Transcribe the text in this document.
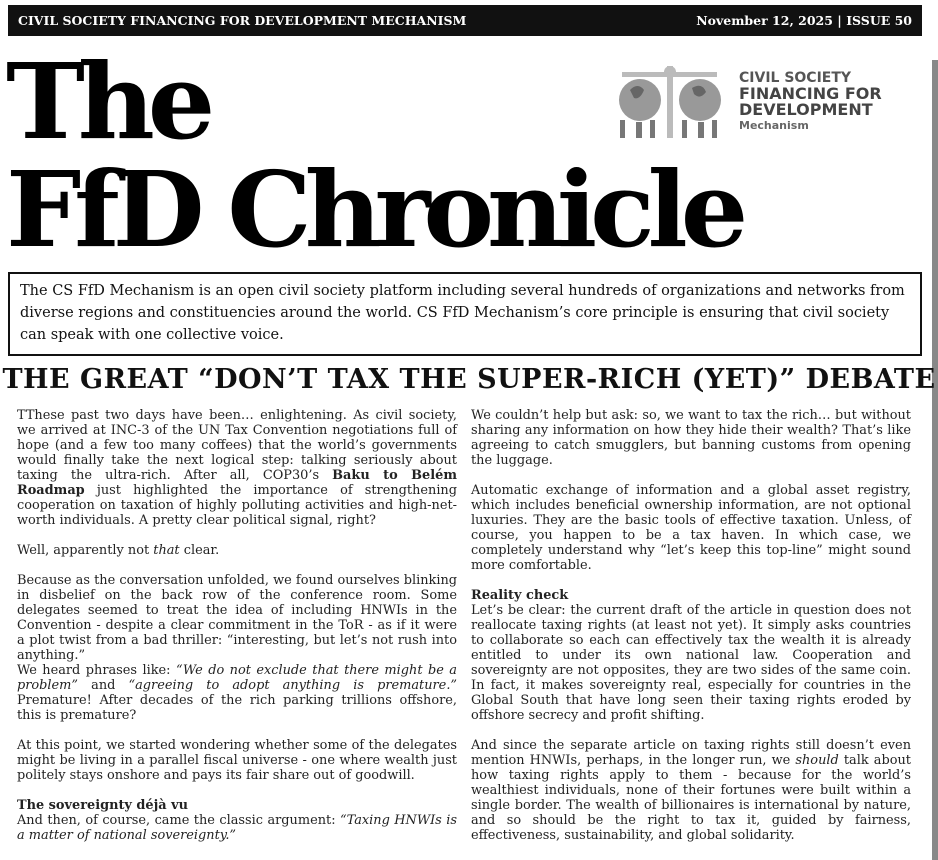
CIVIL SOCIETY FINANCING FOR DEVELOPMENT MECHANISM	November 12, 2025 | ISSUE 50
The
FfD Chronicle
CIVIL SOCIETY
FINANCING FOR
DEVELOPMENT
Mechanism
The CS FfD Mechanism is an open civil society platform including several hundreds of organizations and networks from diverse regions and constituencies around the world. CS FfD Mechanism’s core principle is ensuring that civil society can speak with one collective voice.
THE GREAT “DON’T TAX THE SUPER-RICH (YET)” DEBATE

TThese past two days have been… enlightening. As civil society, we arrived at INC-3 of the UN Tax Convention negotiations full of hope (and a few too many coffees) that the world’s governments would finally take the next logical step: talking seriously about taxing the ultra-rich. After all, COP30’s Baku to Belém Roadmap just highlighted the importance of strengthening cooperation on taxation of highly polluting activities and high-net-worth individuals. A pretty clear political signal, right?

Well, apparently not that clear.

Because as the conversation unfolded, we found ourselves blinking in disbelief on the back row of the conference room. Some delegates seemed to treat the idea of including HNWIs in the Convention - despite a clear commitment in the ToR - as if it were a plot twist from a bad thriller: “interesting, but let’s not rush into anything.”

We heard phrases like: “We do not exclude that there might be a problem” and “agreeing to adopt anything is premature.” Premature! After decades of the rich parking trillions offshore, this is premature?

At this point, we started wondering whether some of the delegates might be living in a parallel fiscal universe - one where wealth just politely stays onshore and pays its fair share out of goodwill.

The sovereignty déjà vu

And then, of course, came the classic argument: “Taxing HNWIs is a matter of national sovereignty.”

We couldn’t help but ask: so, we want to tax the rich… but without sharing any information on how they hide their wealth? That’s like agreeing to catch smugglers, but banning customs from opening the luggage.

Automatic exchange of information and a global asset registry, which includes beneficial ownership information, are not optional luxuries. They are the basic tools of effective taxation. Unless, of course, you happen to be a tax haven. In which case, we completely understand why “let’s keep this top-line” might sound more comfortable.

Reality check

Let’s be clear: the current draft of the article in question does not reallocate taxing rights (at least not yet). It simply asks countries to collaborate so each can effectively tax the wealth it is already entitled to under its own national law. Cooperation and sovereignty are not opposites, they are two sides of the same coin. In fact, it makes sovereignty real, especially for countries in the Global South that have long seen their taxing rights eroded by offshore secrecy and profit shifting.

And since the separate article on taxing rights still doesn’t even mention HNWIs, perhaps, in the longer run, we should talk about how taxing rights apply to them - because for the world’s wealthiest individuals, none of their fortunes were built within a single border. The wealth of billionaires is international by nature, and so should be the right to tax it, guided by fairness, effectiveness, sustainability, and global solidarity.
